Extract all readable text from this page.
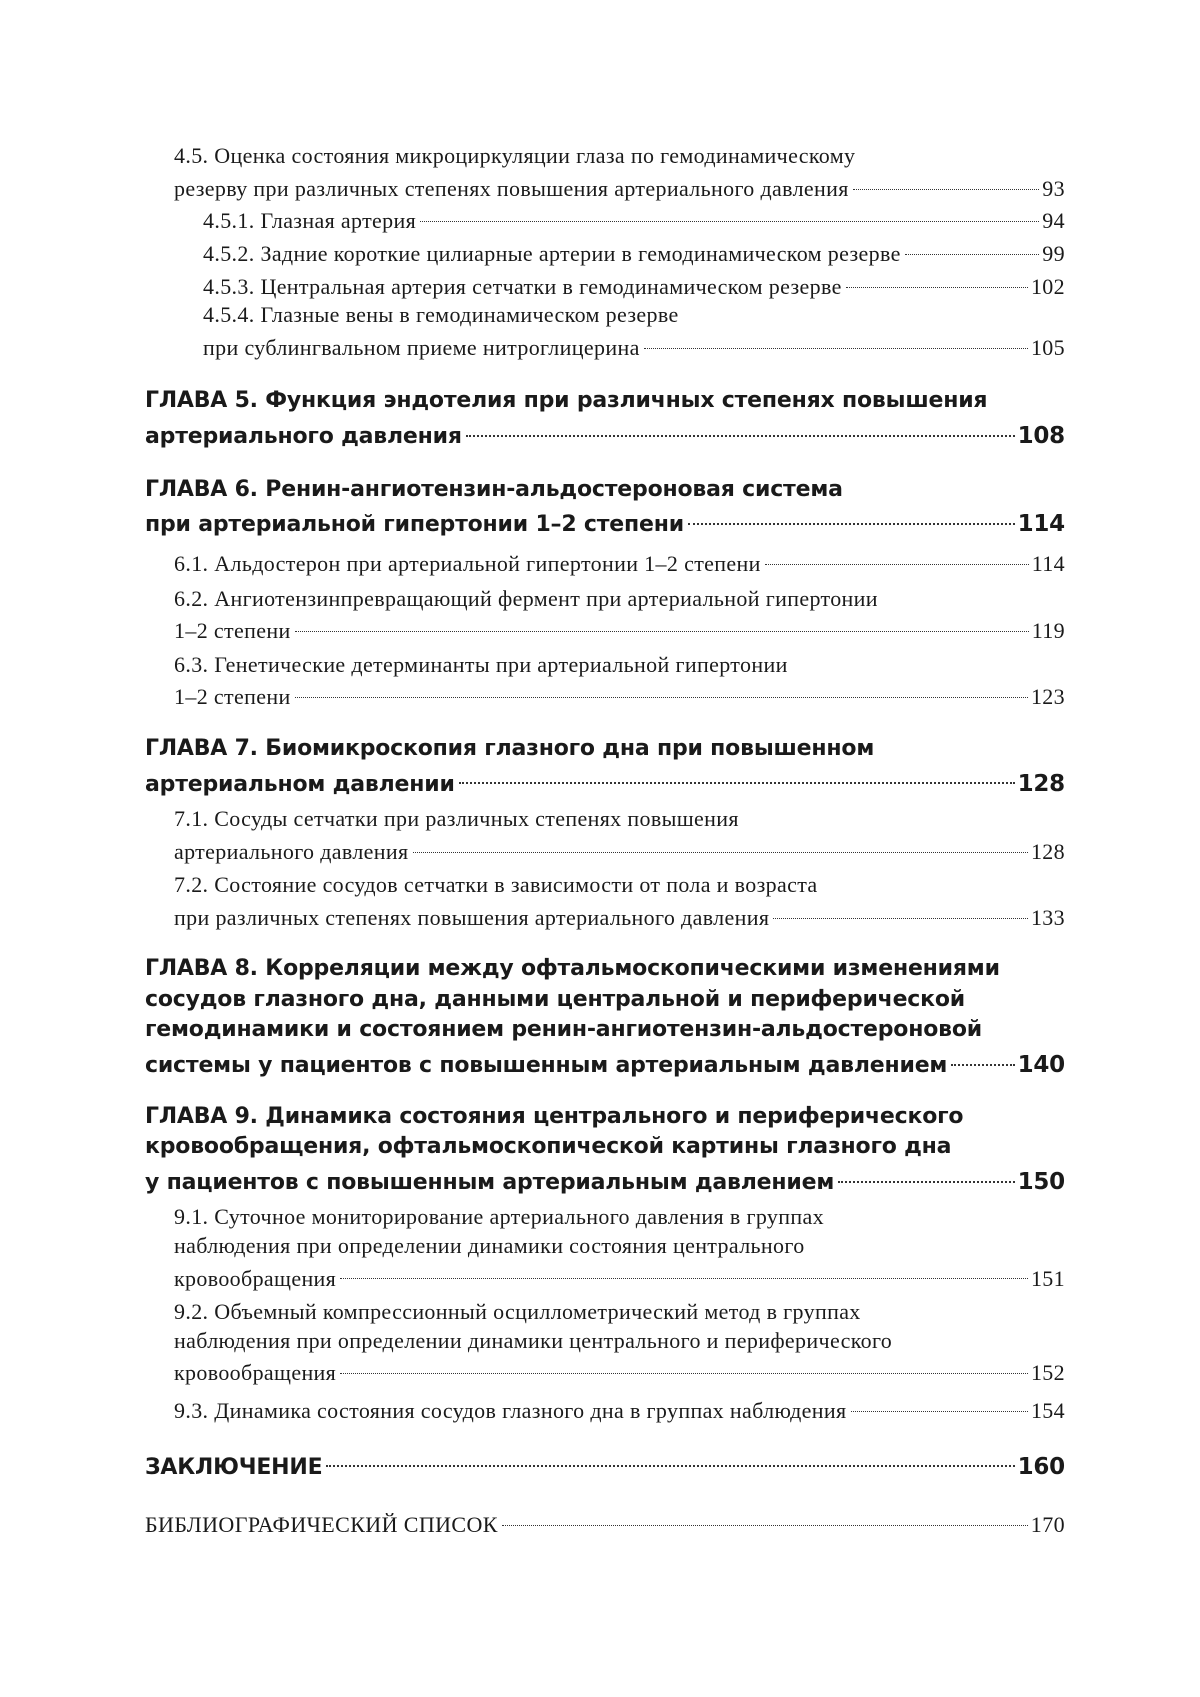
4.5. Оценка состояния микроциркуляции глаза по гемодинамическому
резерву при различных степенях повышения артериального давления	93
4.5.1. Глазная артерия	94
4.5.2. Задние короткие цилиарные артерии в гемодинамическом резерве	99
4.5.3. Центральная артерия сетчатки в гемодинамическом резерве	102
4.5.4. Глазные вены в гемодинамическом резерве
при сублингвальном приеме нитроглицерина	105
ГЛАВА 5. Функция эндотелия при различных степенях повышения
артериального давления	108
ГЛАВА 6. Ренин-ангиотензин-альдостероновая система
при артериальной гипертонии 1–2 степени	114
6.1. Альдостерон при артериальной гипертонии 1–2 степени	114
6.2. Ангиотензинпревращающий фермент при артериальной гипертонии
1–2 степени	119
6.3. Генетические детерминанты при артериальной гипертонии
1–2 степени	123
ГЛАВА 7. Биомикроскопия глазного дна при повышенном
артериальном давлении	128
7.1. Сосуды сетчатки при различных степенях повышения
артериального давления	128
7.2. Состояние сосудов сетчатки в зависимости от пола и возраста
при различных степенях повышения артериального давления	133
ГЛАВА 8. Корреляции между офтальмоскопическими изменениями
сосудов глазного дна, данными центральной и периферической
гемодинамики и состоянием ренин-ангиотензин-альдостероновой
системы у пациентов с повышенным артериальным давлением	140
ГЛАВА 9. Динамика состояния центрального и периферического
кровообращения, офтальмоскопической картины глазного дна
у пациентов с повышенным артериальным давлением	150
9.1. Суточное мониторирование артериального давления в группах
наблюдения при определении динамики состояния центрального
кровообращения	151
9.2. Объемный компрессионный осциллометрический метод в группах
наблюдения при определении динамики центрального и периферического
кровообращения	152
9.3. Динамика состояния сосудов глазного дна в группах наблюдения	154
ЗАКЛЮЧЕНИЕ	160
БИБЛИОГРАФИЧЕСКИЙ СПИСОК	170
